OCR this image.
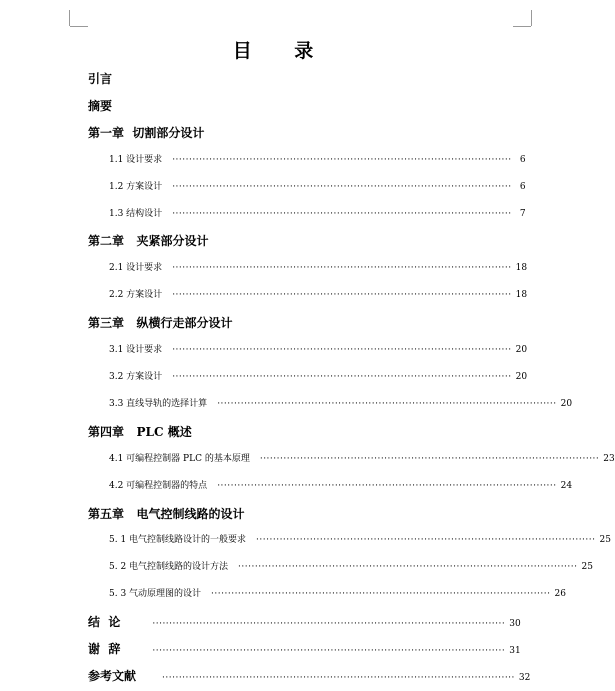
目 录
引言
摘要
第一章  切割部分设计
1.1 设计要求 ····································································································· 6
1.2 方案设计 ····································································································· 6
1.3 结构设计 ····································································································· 7
第二章   夹紧部分设计
2.1 设计要求 ····································································································· 18
2.2 方案设计 ····································································································· 18
第三章   纵横行走部分设计
3.1 设计要求 ····································································································· 20
3.2 方案设计 ····································································································· 20
3.3 直线导轨的选择计算 ····································································································· 20
第四章   PLC 概述
4.1 可编程控制器 PLC 的基本原理 ····································································································· 23
4.2 可编程控制器的特点 ····································································································· 24
第五章   电气控制线路的设计
5. 1 电气控制线路设计的一般要求 ····································································································· 25
5. 2 电气控制线路的设计方法 ····································································································· 25
5. 3 气动原理图的设计 ····································································································· 26
结  论	········································································································· 30
谢  辞	········································································································· 31
参考文献	········································································································· 32
